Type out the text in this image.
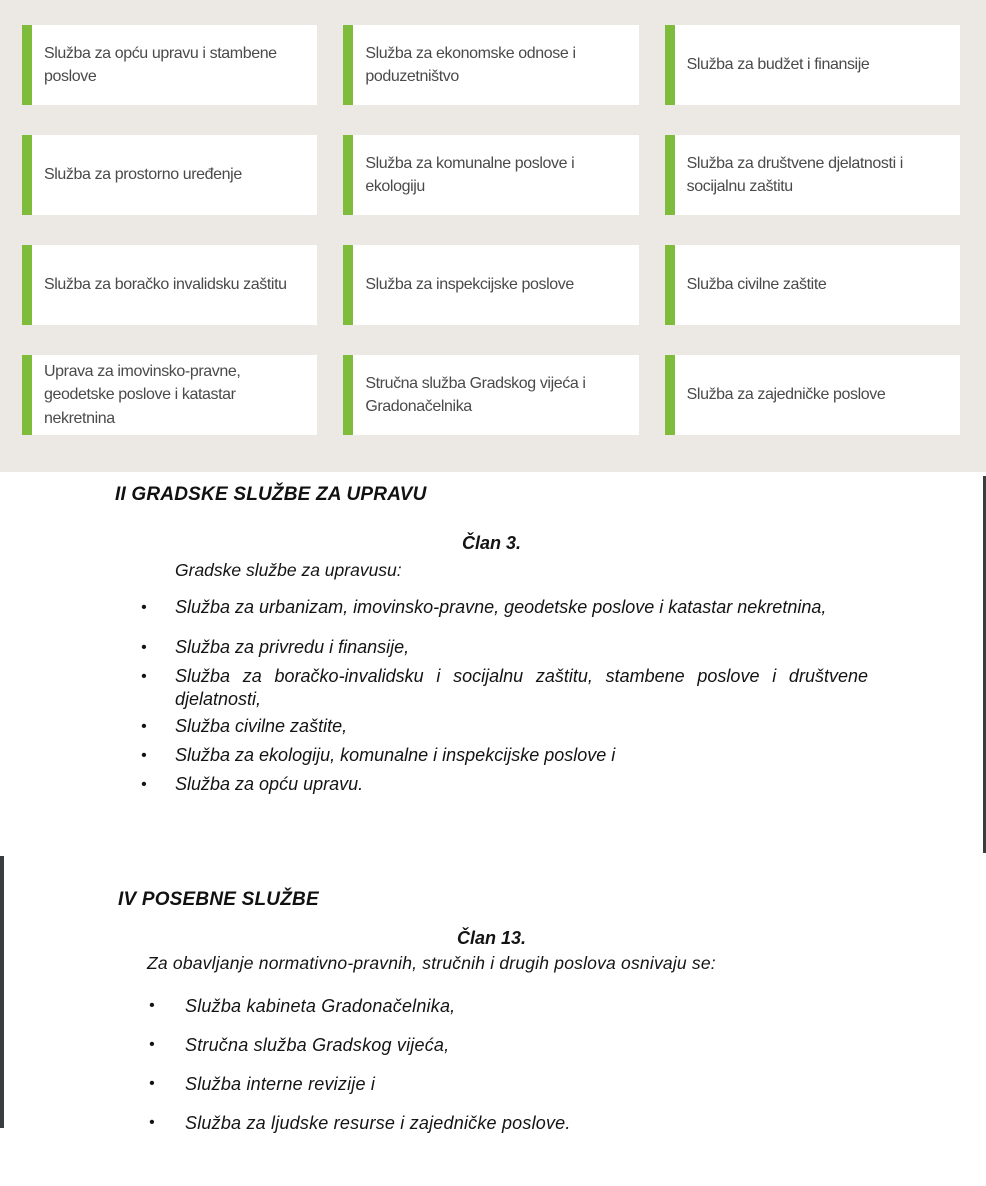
Služba za opću upravu i stambene poslove
Služba za ekonomske odnose i poduzetništvo
Služba za budžet i finansije
Služba za prostorno uređenje
Služba za komunalne poslove i ekologiju
Služba za društvene djelatnosti i socijalnu zaštitu
Služba za boračko invalidsku zaštitu	Služba za inspekcijske poslove	Služba civilne zaštite
Uprava za imovinsko-pravne, geodetske poslove i katastar nekretnina
Stručna služba Gradskog vijeća i Gradonačelnika
Služba za zajedničke poslove
II GRADSKE SLUŽBE ZA UPRAVU

Član 3.

Gradske službe za upravusu:

• Služba za urbanizam, imovinsko-pravne, geodetske poslove i katastar nekretnina,
• Služba za privredu i finansije,
• Služba za boračko-invalidsku i socijalnu zaštitu, stambene poslove i društvene djelatnosti,
• Služba civilne zaštite,
• Služba za ekologiju, komunalne i inspekcijske poslove i
• Služba za opću upravu.
IV POSEBNE SLUŽBE

Član 13.

Za obavljanje normativno-pravnih, stručnih i drugih poslova osnivaju se:

• Služba kabineta Gradonačelnika,
• Stručna služba Gradskog vijeća,
• Služba interne revizije i
• Služba za ljudske resurse i zajedničke poslove.
